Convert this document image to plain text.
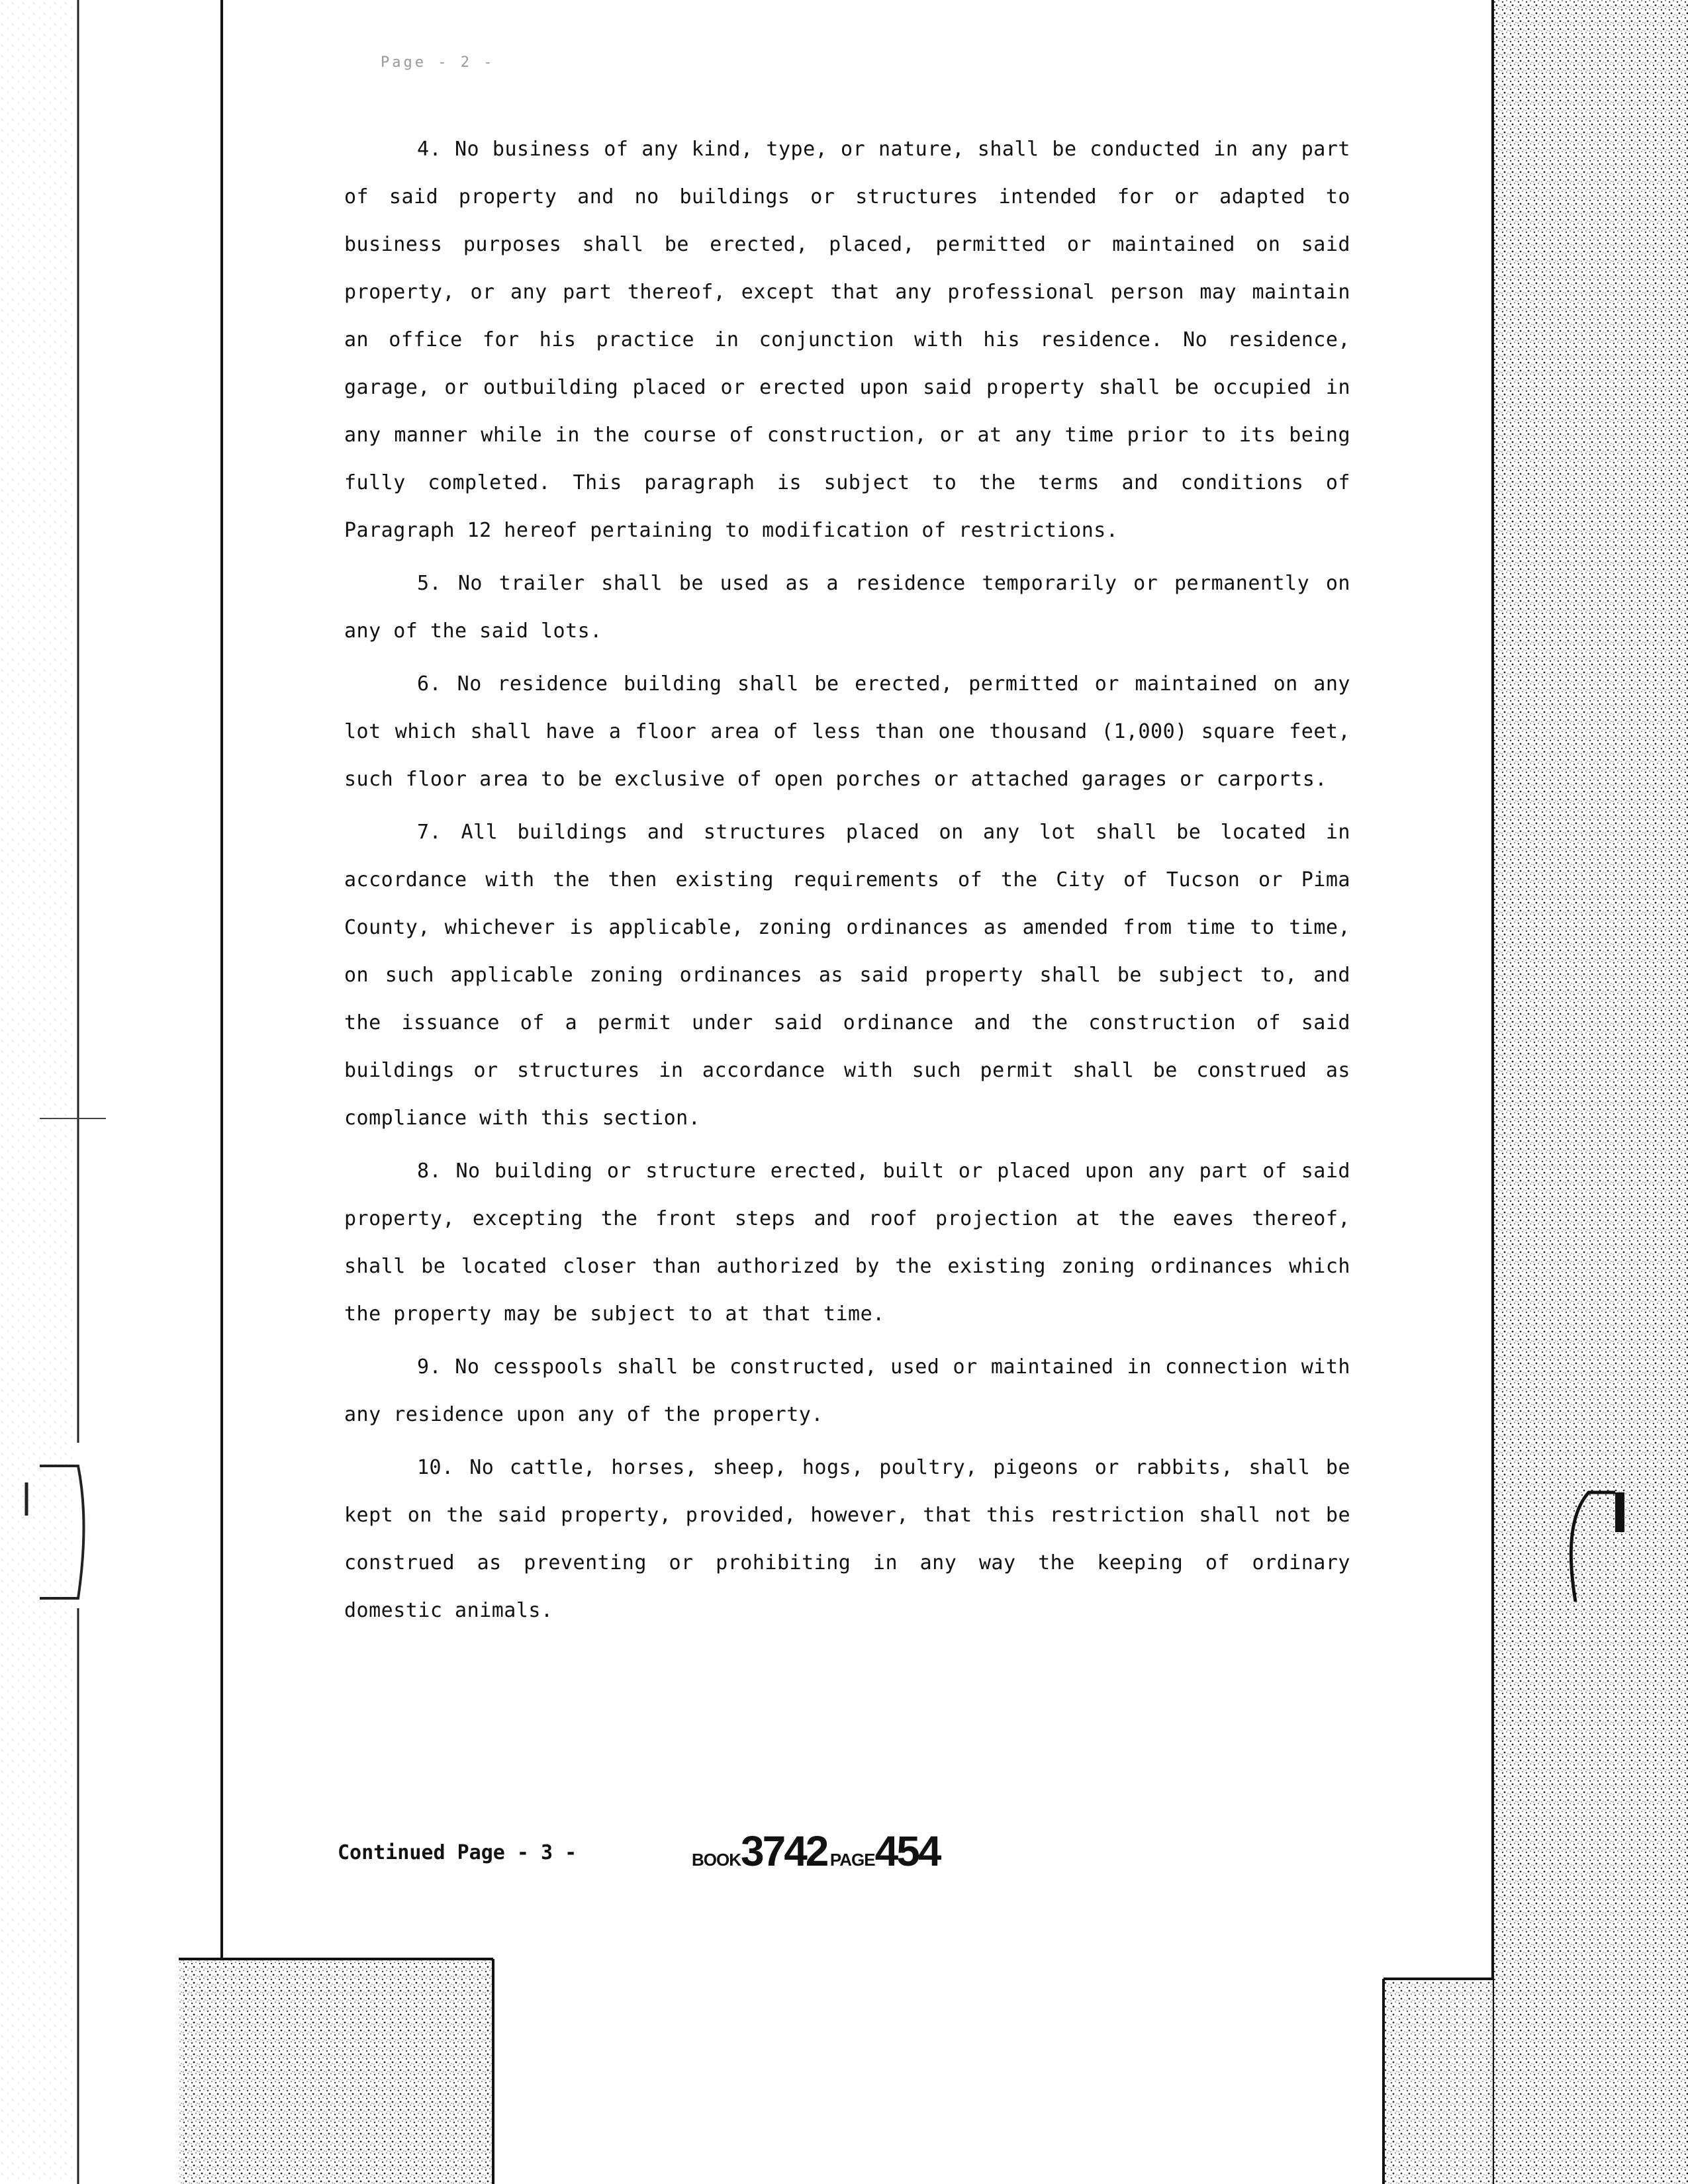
Page - 2 -

4. No business of any kind, type, or nature, shall be conducted in any part of said property and no buildings or structures intended for or adapted to business purposes shall be erected, placed, permitted or maintained on said property, or any part thereof, except that any professional person may maintain an office for his practice in conjunction with his residence. No residence, garage, or outbuilding placed or erected upon said property shall be occupied in any manner while in the course of construction, or at any time prior to its being fully completed. This paragraph is subject to the terms and conditions of Paragraph 12 hereof pertaining to modification of restrictions.

5. No trailer shall be used as a residence temporarily or permanently on any of the said lots.

6. No residence building shall be erected, permitted or maintained on any lot which shall have a floor area of less than one thousand (1,000) square feet, such floor area to be exclusive of open porches or attached garages or carports.

7. All buildings and structures placed on any lot shall be located in accordance with the then existing requirements of the City of Tucson or Pima County, whichever is applicable, zoning ordinances as amended from time to time, on such applicable zoning ordinances as said property shall be subject to, and the issuance of a permit under said ordinance and the construction of said buildings or structures in accordance with such permit shall be construed as compliance with this section.

8. No building or structure erected, built or placed upon any part of said property, excepting the front steps and roof projection at the eaves thereof, shall be located closer than authorized by the existing zoning ordinances which the property may be subject to at that time.

9. No cesspools shall be constructed, used or maintained in connection with any residence upon any of the property.

10. No cattle, horses, sheep, hogs, poultry, pigeons or rabbits, shall be kept on the said property, provided, however, that this restriction shall not be construed as preventing or prohibiting in any way the keeping of ordinary domestic animals.

Continued Page - 3 -	BOOK3742 PAGE454
